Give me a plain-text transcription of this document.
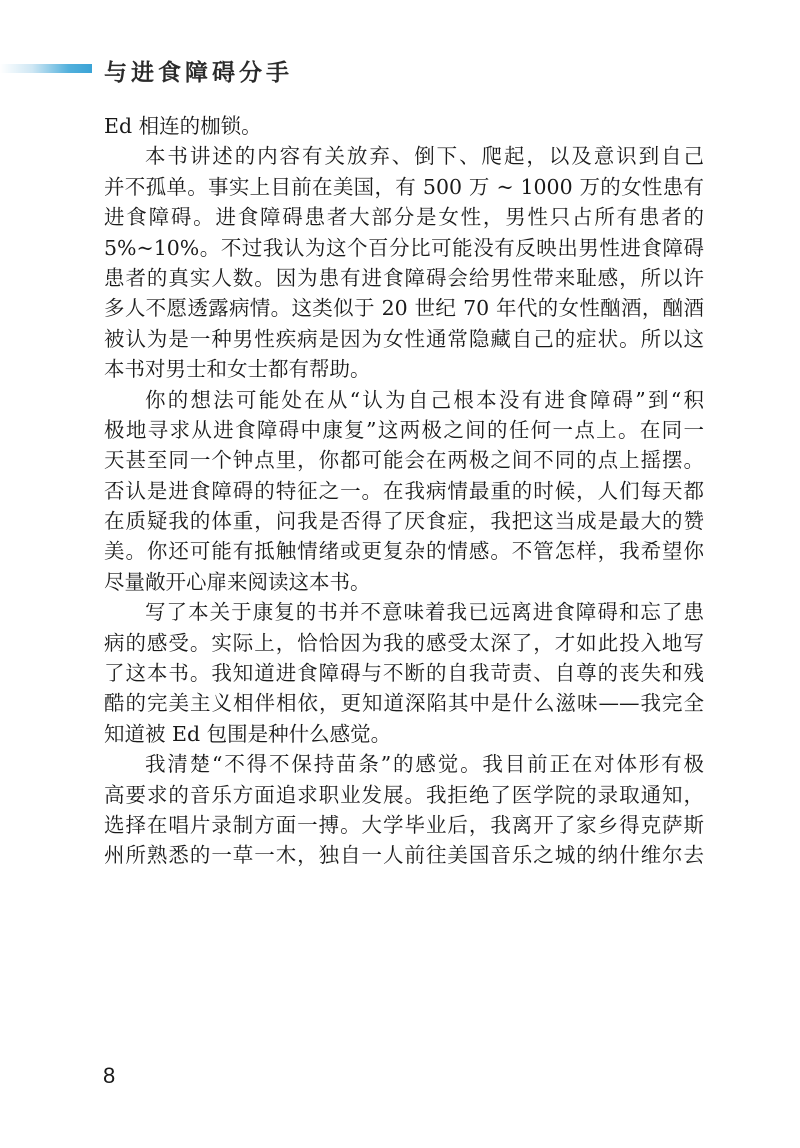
与进食障碍分手
Ed 相连的枷锁。
本书讲述的内容有关放弃、倒下、爬起，以及意识到自己
并不孤单。事实上目前在美国，有 500 万 ~ 1000 万的女性患有
进食障碍。进食障碍患者大部分是女性，男性只占所有患者的
5%~10%。不过我认为这个百分比可能没有反映出男性进食障碍
患者的真实人数。因为患有进食障碍会给男性带来耻感，所以许
多人不愿透露病情。这类似于 20 世纪 70 年代的女性酗酒，酗酒
被认为是一种男性疾病是因为女性通常隐藏自己的症状。所以这
本书对男士和女士都有帮助。
你的想法可能处在从“认为自己根本没有进食障碍”到“积
极地寻求从进食障碍中康复”这两极之间的任何一点上。在同一
天甚至同一个钟点里，你都可能会在两极之间不同的点上摇摆。
否认是进食障碍的特征之一。在我病情最重的时候，人们每天都
在质疑我的体重，问我是否得了厌食症，我把这当成是最大的赞
美。你还可能有抵触情绪或更复杂的情感。不管怎样，我希望你
尽量敞开心扉来阅读这本书。
写了本关于康复的书并不意味着我已远离进食障碍和忘了患
病的感受。实际上，恰恰因为我的感受太深了，才如此投入地写
了这本书。我知道进食障碍与不断的自我苛责、自尊的丧失和残
酷的完美主义相伴相依，更知道深陷其中是什么滋味——我完全
知道被 Ed 包围是种什么感觉。
我清楚“不得不保持苗条”的感觉。我目前正在对体形有极
高要求的音乐方面追求职业发展。我拒绝了医学院的录取通知，
选择在唱片录制方面一搏。大学毕业后，我离开了家乡得克萨斯
州所熟悉的一草一木，独自一人前往美国音乐之城的纳什维尔去
8
